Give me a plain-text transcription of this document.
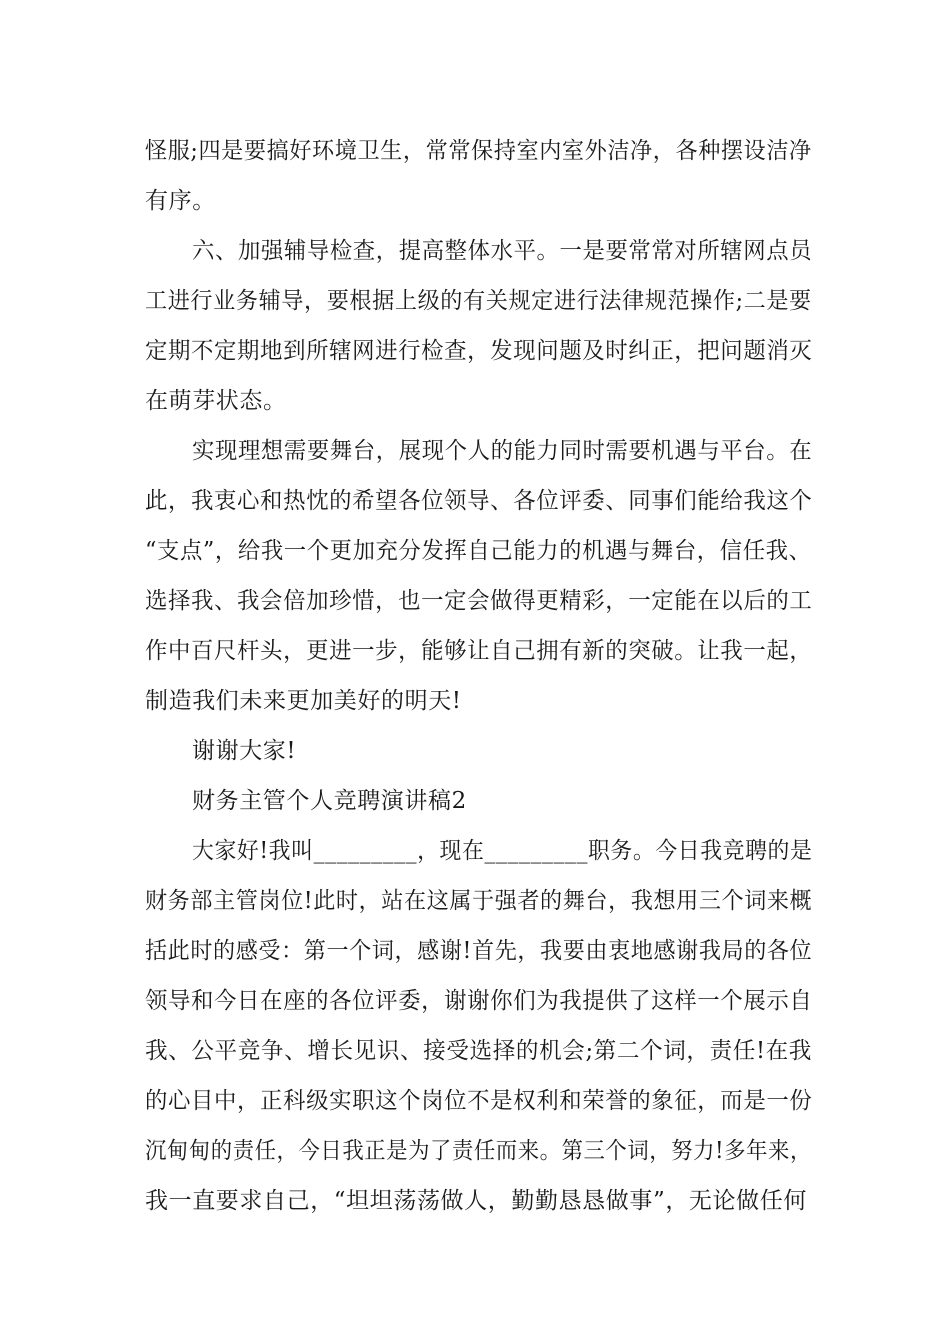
怪服;四是要搞好环境卫生，常常保持室内室外洁净，各种摆设洁净
有序。
六、加强辅导检查，提高整体水平。一是要常常对所辖网点员
工进行业务辅导，要根据上级的有关规定进行法律规范操作;二是要
定期不定期地到所辖网进行检查，发现问题及时纠正，把问题消灭
在萌芽状态。
实现理想需要舞台，展现个人的能力同时需要机遇与平台。在
此，我衷心和热忱的希望各位领导、各位评委、同事们能给我这个
“支点”，给我一个更加充分发挥自己能力的机遇与舞台，信任我、
选择我、我会倍加珍惜，也一定会做得更精彩，一定能在以后的工
作中百尺杆头，更进一步，能够让自己拥有新的突破。让我一起，
制造我们未来更加美好的明天!
谢谢大家!
财务主管个人竞聘演讲稿2
大家好!我叫_________，现在_________职务。今日我竞聘的是
财务部主管岗位!此时，站在这属于强者的舞台，我想用三个词来概
括此时的感受：第一个词，感谢!首先，我要由衷地感谢我局的各位
领导和今日在座的各位评委，谢谢你们为我提供了这样一个展示自
我、公平竞争、增长见识、接受选择的机会;第二个词，责任!在我
的心目中，正科级实职这个岗位不是权利和荣誉的象征，而是一份
沉甸甸的责任，今日我正是为了责任而来。第三个词，努力!多年来，
我一直要求自己，“坦坦荡荡做人，勤勤恳恳做事”，无论做任何
